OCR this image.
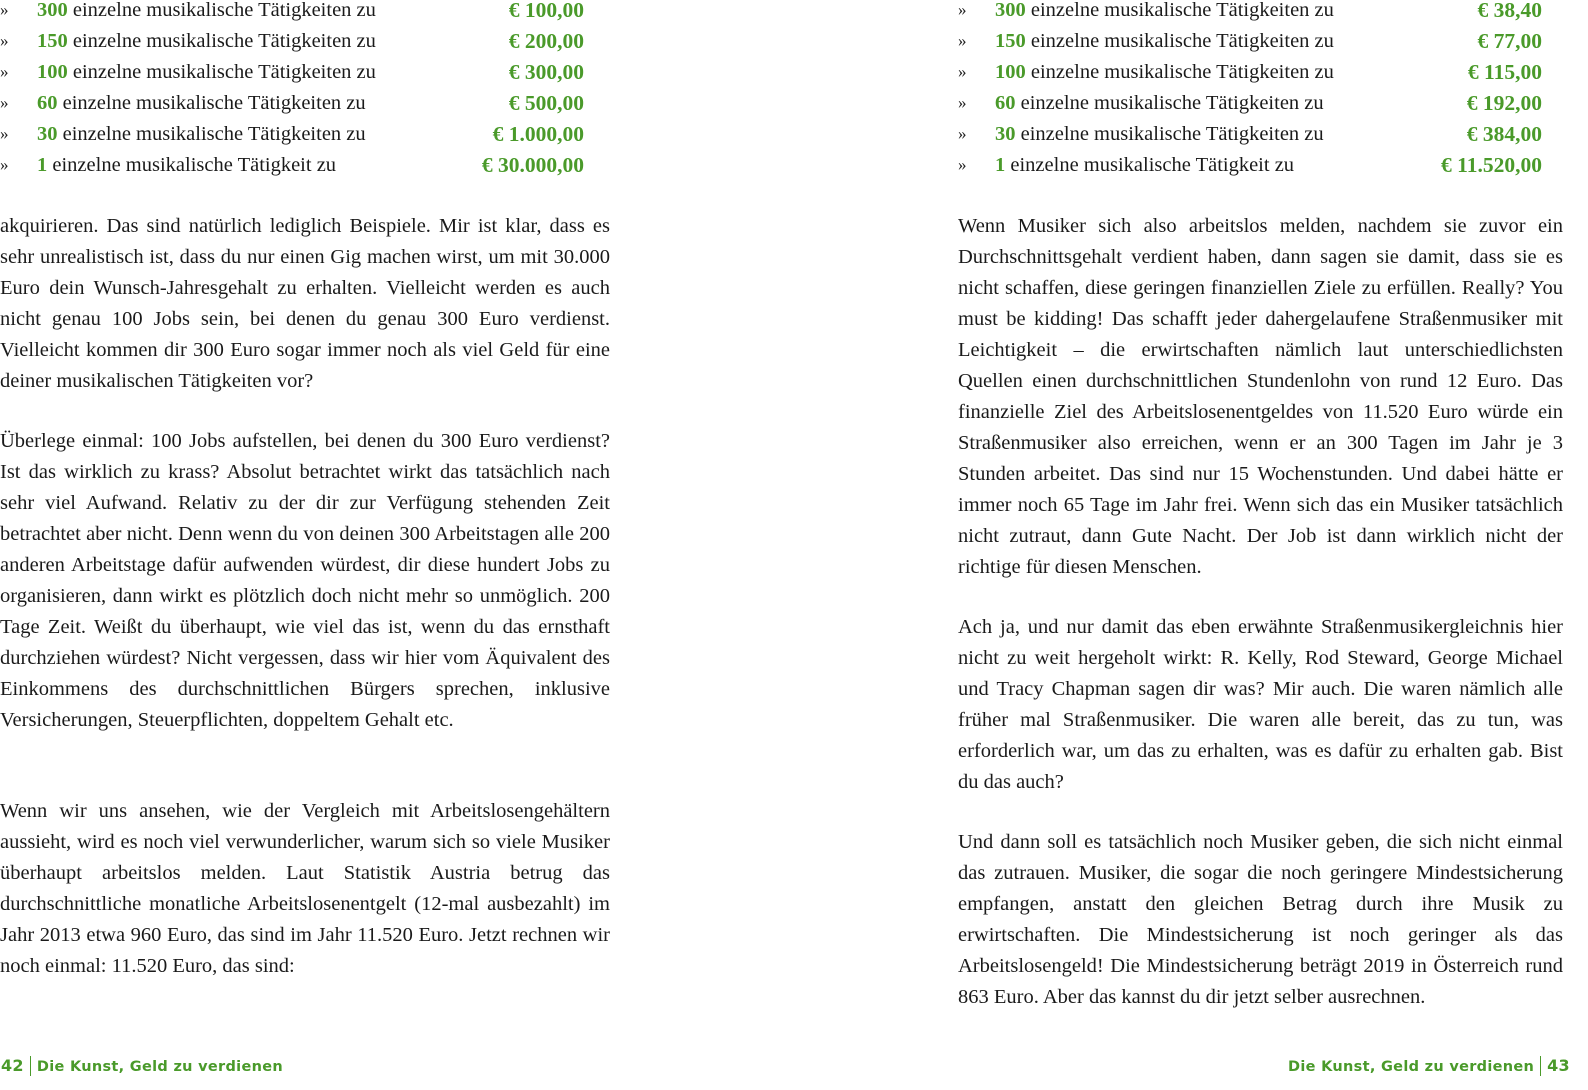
» 300 einzelne musikalische Tätigkeiten zu	€ 100,00
» 150 einzelne musikalische Tätigkeiten zu	€ 200,00
» 100 einzelne musikalische Tätigkeiten zu	€ 300,00
» 60 einzelne musikalische Tätigkeiten zu	€ 500,00
» 30 einzelne musikalische Tätigkeiten zu	€ 1.000,00
» 1 einzelne musikalische Tätigkeit zu	€ 30.000,00

akquirieren. Das sind natürlich lediglich Beispiele. Mir ist klar, dass es sehr unrealistisch ist, dass du nur einen Gig machen wirst, um mit 30.000 Euro dein Wunsch-Jahresgehalt zu erhalten. Vielleicht werden es auch nicht genau 100 Jobs sein, bei denen du genau 300 Euro verdienst. Vielleicht kommen dir 300 Euro sogar immer noch als viel Geld für eine deiner musikalischen Tätigkeiten vor?

Überlege einmal: 100 Jobs aufstellen, bei denen du 300 Euro verdienst? Ist das wirklich zu krass? Absolut betrachtet wirkt das tatsächlich nach sehr viel Aufwand. Relativ zu der dir zur Verfügung stehenden Zeit betrachtet aber nicht. Denn wenn du von deinen 300 Arbeitstagen alle 200 anderen Arbeitstage dafür aufwenden würdest, dir diese hundert Jobs zu organisieren, dann wirkt es plötzlich doch nicht mehr so unmöglich. 200 Tage Zeit. Weißt du überhaupt, wie viel das ist, wenn du das ernsthaft durchziehen würdest? Nicht vergessen, dass wir hier vom Äquivalent des Einkommens des durchschnittlichen Bürgers sprechen, inklusive Versicherungen, Steuerpflichten, doppeltem Gehalt etc.

Wenn wir uns ansehen, wie der Vergleich mit Arbeitslosengehältern aussieht, wird es noch viel verwunderlicher, warum sich so viele Musiker überhaupt arbeitslos melden. Laut Statistik Austria betrug das durchschnittliche monatliche Arbeitslosenentgelt (12-mal ausbezahlt) im Jahr 2013 etwa 960 Euro, das sind im Jahr 11.520 Euro. Jetzt rechnen wir noch einmal: 11.520 Euro, das sind:

42 Die Kunst, Geld zu verdienen
» 300 einzelne musikalische Tätigkeiten zu	€ 38,40
» 150 einzelne musikalische Tätigkeiten zu	€ 77,00
» 100 einzelne musikalische Tätigkeiten zu	€ 115,00
» 60 einzelne musikalische Tätigkeiten zu	€ 192,00
» 30 einzelne musikalische Tätigkeiten zu	€ 384,00
» 1 einzelne musikalische Tätigkeit zu	€ 11.520,00

Wenn Musiker sich also arbeitslos melden, nachdem sie zuvor ein Durchschnittsgehalt verdient haben, dann sagen sie damit, dass sie es nicht schaffen, diese geringen finanziellen Ziele zu erfüllen. Really? You must be kidding! Das schafft jeder dahergelaufene Straßenmusiker mit Leichtigkeit – die erwirtschaften nämlich laut unterschiedlichsten Quellen einen durchschnittlichen Stundenlohn von rund 12 Euro. Das finanzielle Ziel des Arbeitslosenentgeldes von 11.520 Euro würde ein Straßenmusiker also erreichen, wenn er an 300 Tagen im Jahr je 3 Stunden arbeitet. Das sind nur 15 Wochenstunden. Und dabei hätte er immer noch 65 Tage im Jahr frei. Wenn sich das ein Musiker tatsächlich nicht zutraut, dann Gute Nacht. Der Job ist dann wirklich nicht der richtige für diesen Menschen.

Ach ja, und nur damit das eben erwähnte Straßenmusikergleichnis hier nicht zu weit hergeholt wirkt: R. Kelly, Rod Steward, George Michael und Tracy Chapman sagen dir was? Mir auch. Die waren nämlich alle früher mal Straßenmusiker. Die waren alle bereit, das zu tun, was erforderlich war, um das zu erhalten, was es dafür zu erhalten gab. Bist du das auch?

Und dann soll es tatsächlich noch Musiker geben, die sich nicht einmal das zutrauen. Musiker, die sogar die noch geringere Mindestsicherung empfangen, anstatt den gleichen Betrag durch ihre Musik zu erwirtschaften. Die Mindestsicherung ist noch geringer als das Arbeitslosengeld! Die Mindestsicherung beträgt 2019 in Österreich rund 863 Euro. Aber das kannst du dir jetzt selber ausrechnen.

Die Kunst, Geld zu verdienen 43
